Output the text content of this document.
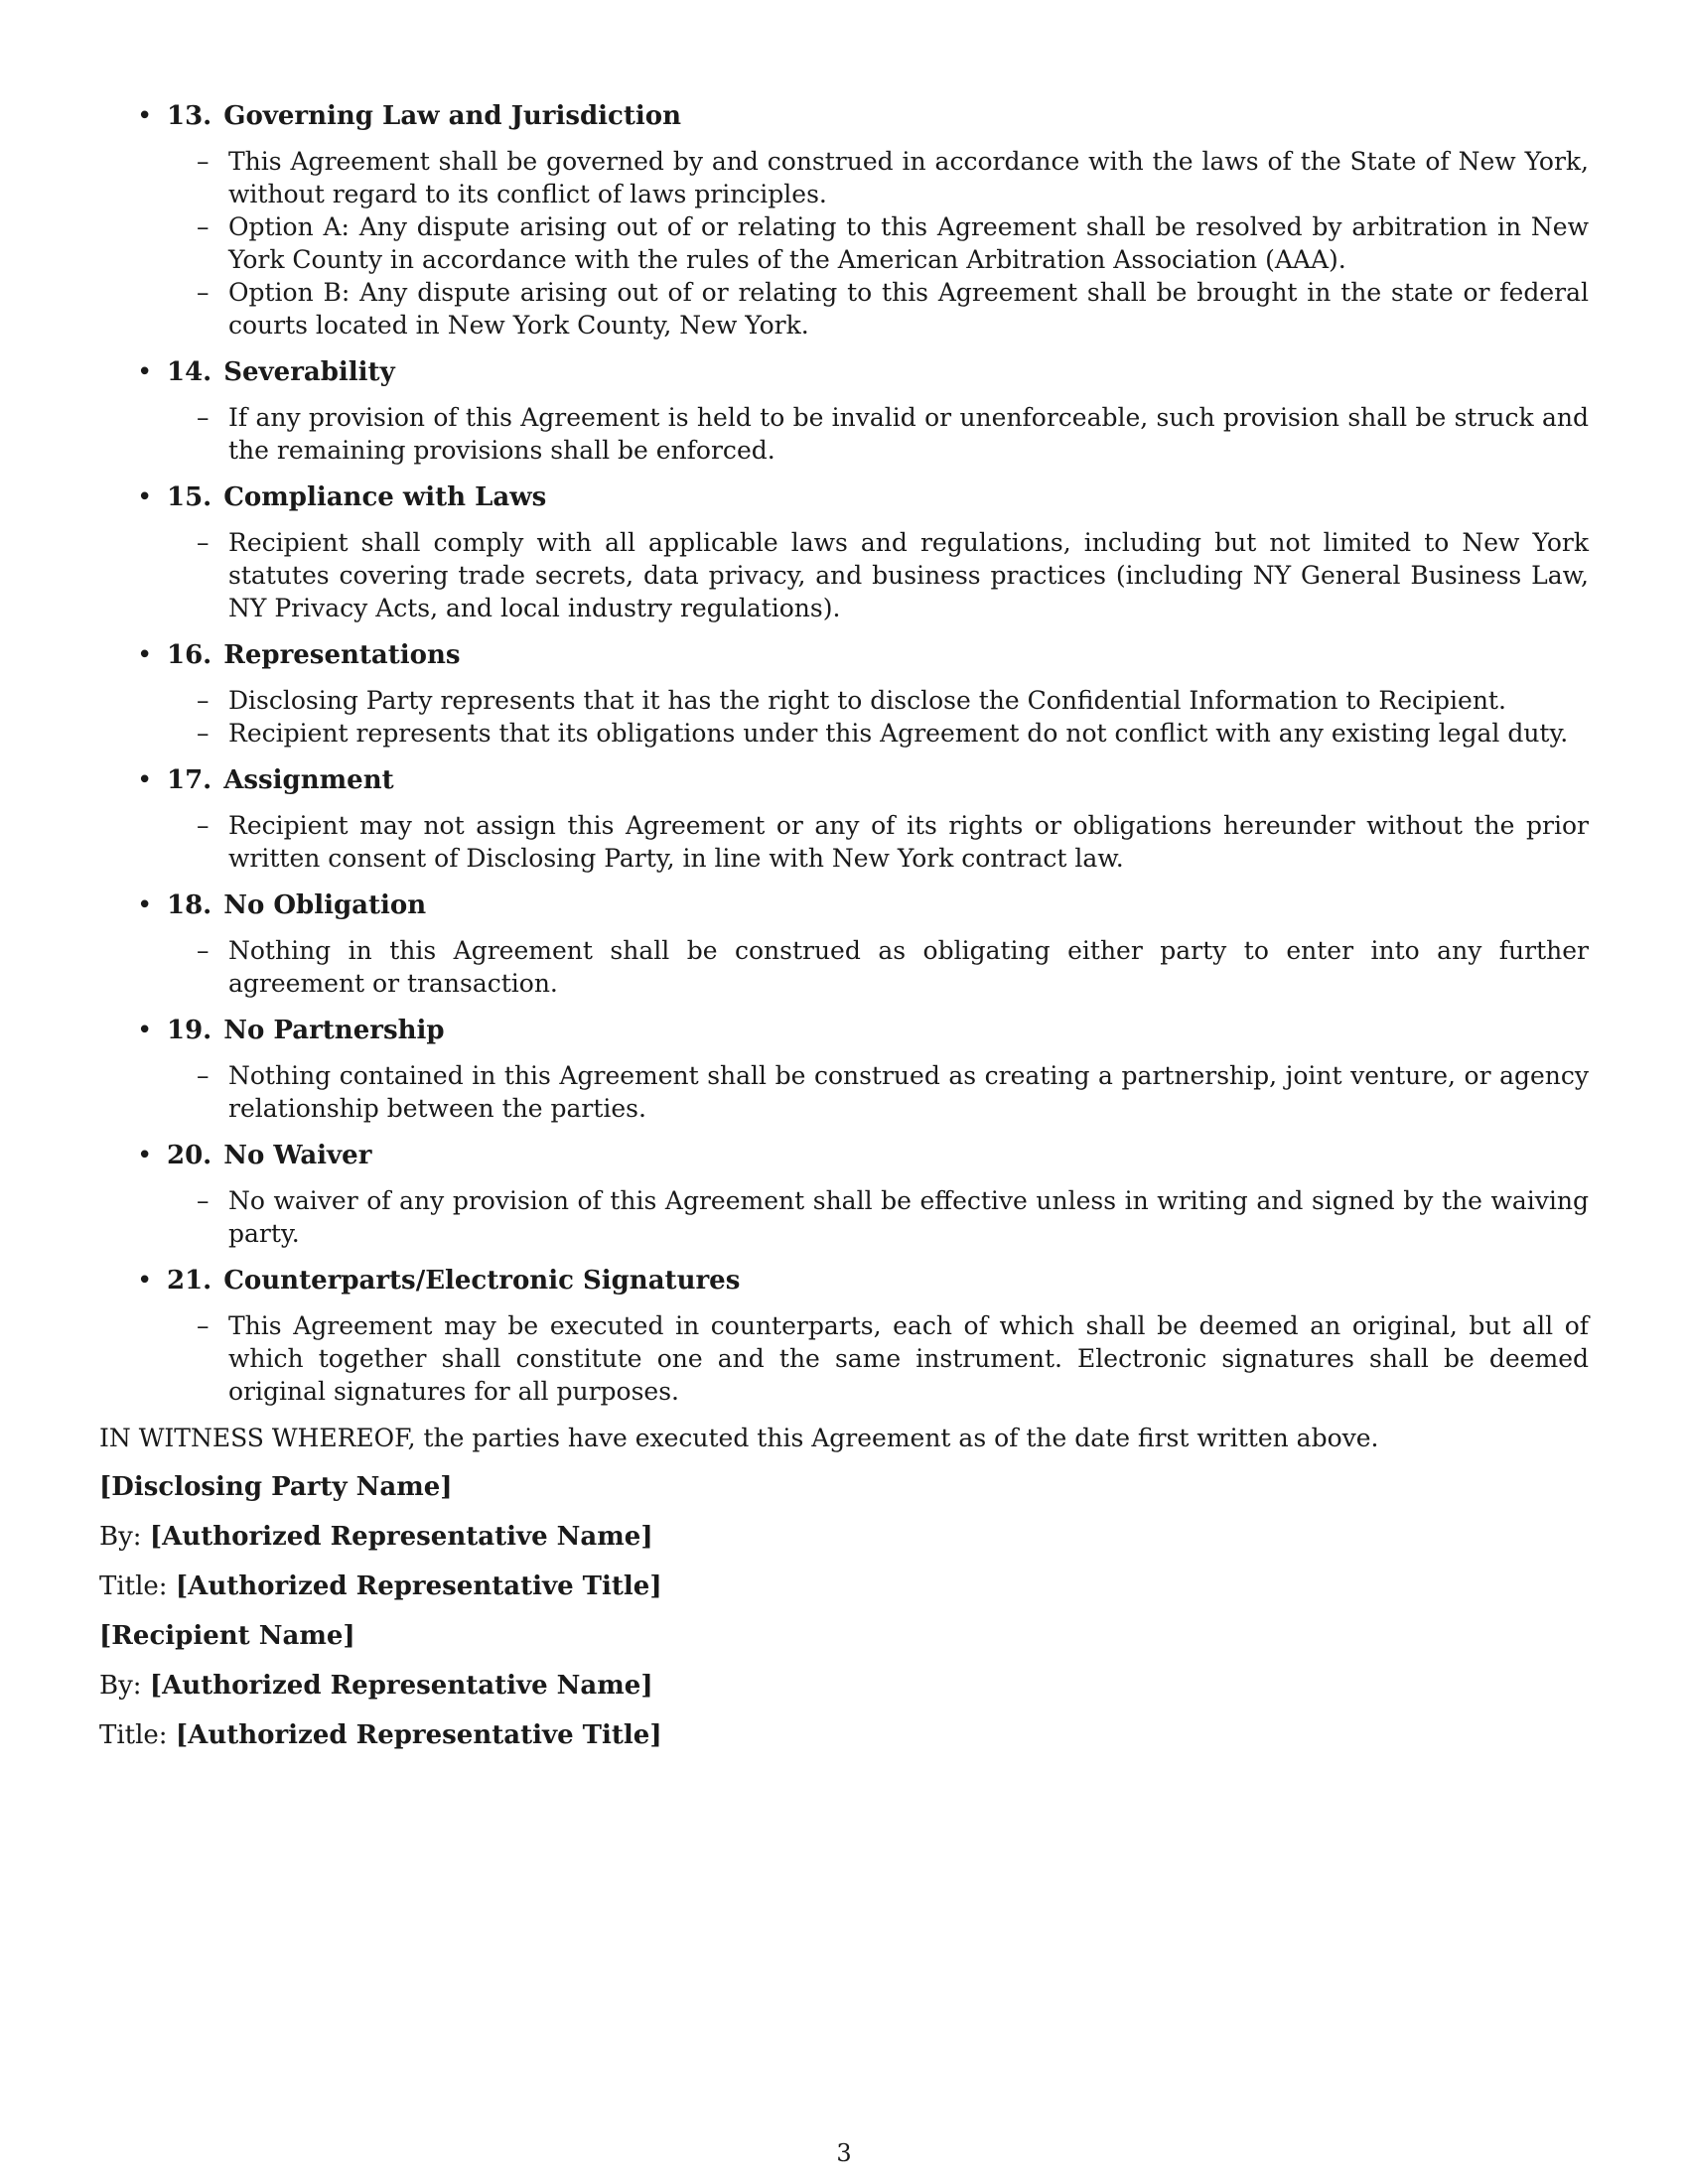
• 13. Governing Law and Jurisdiction
– This Agreement shall be governed by and construed in accordance with the laws of the State of New York, without regard to its conflict of laws principles.
– Option A: Any dispute arising out of or relating to this Agreement shall be resolved by arbitration in New York County in accordance with the rules of the American Arbitration Association (AAA).
– Option B: Any dispute arising out of or relating to this Agreement shall be brought in the state or federal courts located in New York County, New York.
• 14. Severability
– If any provision of this Agreement is held to be invalid or unenforceable, such provision shall be struck and the remaining provisions shall be enforced.
• 15. Compliance with Laws
– Recipient shall comply with all applicable laws and regulations, including but not limited to New York statutes covering trade secrets, data privacy, and business practices (including NY General Business Law, NY Privacy Acts, and local industry regulations).
• 16. Representations
– Disclosing Party represents that it has the right to disclose the Confidential Information to Recipient.
– Recipient represents that its obligations under this Agreement do not conflict with any existing legal duty.
• 17. Assignment
– Recipient may not assign this Agreement or any of its rights or obligations hereunder without the prior written consent of Disclosing Party, in line with New York contract law.
• 18. No Obligation
– Nothing in this Agreement shall be construed as obligating either party to enter into any further agreement or transaction.
• 19. No Partnership
– Nothing contained in this Agreement shall be construed as creating a partnership, joint venture, or agency relationship between the parties.
• 20. No Waiver
– No waiver of any provision of this Agreement shall be effective unless in writing and signed by the waiving party.
• 21. Counterparts/Electronic Signatures
– This Agreement may be executed in counterparts, each of which shall be deemed an original, but all of which together shall constitute one and the same instrument. Electronic signatures shall be deemed original signatures for all purposes.

IN WITNESS WHEREOF, the parties have executed this Agreement as of the date first written above.

[Disclosing Party Name]

By: [Authorized Representative Name]

Title: [Authorized Representative Title]

[Recipient Name]

By: [Authorized Representative Name]

Title: [Authorized Representative Title]

3
